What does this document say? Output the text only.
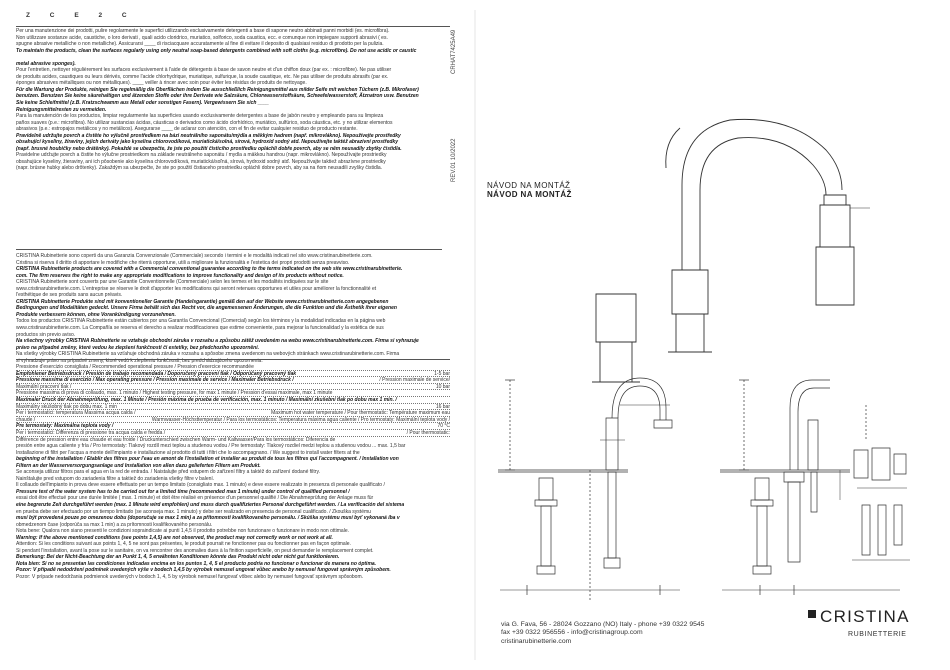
Z C E 2 C

Per una manutenzione dei prodotti, pulire regolarmente le superfici utilizzando esclusivamente detergenti a base di sapone neutro abbinati panni morbidi (es. microfibra).

Non utilizzare sostanze acide, caustiche, o loro derivati , quali acido cloridrico, muriatico, solforico, soda caustica, ecc. e comunque non impiegare supporti abrasivi ( es.

spugne abrasive metalliche o non metalliche). Assicurarsi ____ di risciacquare accuratamente al fine di evitare il deposito di qualsiasi residuo di prodotto per la pulizia.

To maintain the products, clean the surfaces regularly using only neutral soap-based detergents combined with soft cloths (e.g. microfibre). Do not use acidic or caustic

metal abrasive sponges).

Pour l'entretien, nettoyer régulièrement les surfaces exclusivement à l'aide de détergents à base de savon neutre et d'un chiffon doux (par ex. : microfibre). Ne pas utiliser

de produits acides, caustiques ou leurs dérivés, comme l'acide chlorhydrique, muriatique, sulfurique, la soude caustique, etc. Ne pas utiliser de produits abrasifs (par ex.

éponges abrasives métalliques ou non métalliques). ____ veiller à rincer avec soin pour éviter les résidus de produits de nettoyage.

Für die Wartung der Produkte, reinigen Sie regelmäßig die Oberflächen indem Sie ausschließlich Reinigungsmittel aus milder Seife mit weichen Tüchern (z.B. Mikrofaser)

benutzen. Benutzen Sie keine säurehaltigen und ätzenden Stoffe oder ihre Derivate wie Salzsäure, Chlorwasserstoffsäure, Schwefelwasserstoff, Ätznatron usw. Benutzen

Sie keine Schleifmittel (z.B. Kratzschwamm aus Metall oder sonstigen Fasern). Vergewissern Sie sich ____

Reinigungsmittelresten zu vermeiden.

Para la manutención de los productos, limpiar regularmente las superficies usando exclusivamente detergentes a base de jabón neutro y empleando para su limpieza

paños suaves (p.e.: microfibra). No utilizar sustancias ácidas, cáusticas o derivados como ácido clorhídrico, muriático, sulfúrico, soda cáustica, etc. y no utilizar elementos

abrasivos (p.e.: estropajos metálicos y no metálicos). Asegurarse ____ de aclarar con atención, con el fin de evitar cualquier residuo de producto restante.

Pravidelně udržujte povrch a čistěte ho výlučně prostředkem na bázi neutrálního saponátu/mýdla a měkkým hadrem (např. mikrovlákno). Nepoužívejte prostředky

obsahující kyseliny, žíraviny, jejich deriváty jako kyselina chlorovodíková, muriatická/solná, sírová, hydroxid sodný atd. Nepoužívejte taktéž abrazivní prostředky

(např. brusné houbičky nebo drátěnky). Pokaždé se ubezpečte, že jste po použití čisticího prostředku opláchli dobře povrch, aby se něm neusadily zbytky čistidla.

Pravidelne udržujte povrch a čistite ho výlučne prostriedkom na základe neutrálneho saponátu / mydla a mäkkou handrou (napr. mikrovlákno). Nepoužívajte prostriedky

obsahujúce kyseliny, žieraviny, ani ich pôsobenie ako kyselina chlorovodíková, muriatická/soľná, sírová, hydroxid sodný atď. Nepoužívajte taktiež abrazívne prostriedky

(napr. brúsne hubky alebo drôtenky). Zakaždým sa ubezpečte, že ste po použití čistiaceho prostriedku opláchli dobre povrch, aby sa na ňom neusadili zvyšky čistidla.

CRISTINA Rubinetterie sono coperti da una Garanzia Convenzionale (Commerciale) secondo i termini e le modalità indicati nel sito www.cristinarubinetterie.com.

Cristina si riserva il diritto di apportare le modifiche che riterrà opportune, utili a migliorare la funzionalità e l'estetica dei propri prodotti senza preavviso.

CRISTINA Rubinetterie products are covered with a Commercial conventional guarantee according to the terms indicated on the web site www.cristinarubinetterie.

com. The firm reserves the right to make any appropriate modifications to improve functionality and design of its products without notice.

CRISTINA Rubinetterie sont couverts par une Garantie Conventionnelle (Commerciale) selon les termes et les modalités indiquées sur le site

www.cristinarubinetterie.com. L'entreprise se réserve le droit d'apporter les modifications qui seront retenues opportunes et utiles pour améliorer la fonctionnalité et

l'esthétique de ses produits sans aucun préavis.

CRISTINA Rubinetterie Produkte sind mit konventioneller Garantie (Handelsgarantie) gemäß den auf der Website www.cristinarubinetterie.com angegebenen

Bedingungen und Modalitäten gedeckt. Unsere Firma behält sich das Recht vor, die angemessenen Änderungen, die die Funktion und die Ästhetik ihrer eigenen

Produkte verbessern können, ohne Vorankündigung vorzunehmen.

Todos los productos CRISTINA Rubinetterie están cubiertos por una Garantía Convencional (Comercial) según los términos y la modalidad indicadas en la página web

www.cristinarubinetterie.com. La Compañía se reserva el derecho a realizar modificaciones que estime conveniente, para mejorar la funcionalidad y la estética de sus

productos sin previo aviso.

Na všechny výrobky CRISTINA Rubinetterie se vztahuje obchodní záruka v rozsahu a způsobu zátěž uvedeném na webu www.cristinarubinetterie.com. Firma si vyhrazuje

právo na případné změny, které vedou ke zlepšení funkčnosti či estetiky, bez předchozího upozornění.

Na všetky výrobky CRISTINA Rubinetterie sa vzťahuje obchodná záruka v rozsahu a spôsobe zmena uvedenom na webových stránkach www.cristinarubinetterie.com. Firma

si vyhradzuje právo na prípadné zmeny, ktoré vedú k zlepšeniu funkčnosti, bez predchádzajúceho upozornenia.

Pressione d'esercizio consigliata / Recommended operational pressure / Pression d'exercice recommandée
1-5 bar
Empfohlener Betriebsdruck / Presión de trabajo recomendada / Doporučený pracovní tlak / Odporúčaný pracovný tlak
/ Pression maximale de service/
Pressione massima di esercizio / Max operating pressure / Pression maximale de service / Maximaler Betriebsdruck /
10 bar
Maximální pracovní tlak /
Pressione massima di prova di collaudo, max. 1 minuto / Highest testing pressure, for max 1 minute / Pression d'essai maximale, max 1 minute
Maximaler Druck der Abnahmeprüfung, max. 1 Minute / Presión máxima de prueba de verificación, max. 1 minuto / Maximální zkušební tlak po dobu max 1 min. /
16 bar
Maximálny skúšobný tlak po dobu max. 1 min
Maximum hot water temperature / Pour thermostatic: Température maximum eau
Per i termostatici: temperatura Massima acqua calda /
Warmwasser-Höchsttemperatur / Para los termostáticos: Temperatura máxima agua caliente / Pro termostaty: Maximální teplota vody /
chaude /
70 °C
Pre termostaty: Maximálna teplota vody /
/ Pour thermostatic:
Per i termostatici: Differenza di pressione tra acqua calda e fredda /

Différence de pression entre eau chaude et eau froide / Druckunterschied zwischen Warm- und Kaltwasser/Para los termostáticos: Diferencia de

presión entre agua caliente y fría / Pro termostaty: Tlakový rozdíl mezi teplou a studenou vodou / Pre termostaty: Tlakový rozdiel medzi teplou a studenou vodou ... max. 1,5 bar

Installazione di filtri per l'acqua a monte dell'impianto e installazione al prodotto di tutti i filtri che lo accompagnano. / We suggest to install water filters at the

beginning of the installation / Etablir des filtres pour l'eau en amont de l'installation et installer au produit de tous les filtres qui l'accompagnent. / Installation von

Filtern an der Wasserversorgungsanlage und Installation von allen dazu gelieferten Filtern am Produkt.

Se aconseja utilizar filtros para el agua en la red de entrada. / Naistalujte před vstupem do zařízení filtry a taktéž do zařízení dodané filtry.

Nainštalujte pred vstupom do zariadenia filtre a taktiež do zariadenia všetky filtre v balení.

Il collaudo dell'impianto in prova deve essere effettuato per un tempo limitato (consigliato max. 1 minuto) e deve essere realizzato in presenza di personale qualificato /

Pressure test of the water system has to be carried out for a limited time (recommended max 1 minute) under control of qualified personnel /

essai doit être effectué pour une durée limitée ( max. 1 minute) et doit être réalisé en présence d'un personnel qualifié / Die Abnahmeprüfung der Anlage muss für

eine begrenzte Zeit durchgeführt werden (max. 1 Minute wird empfohlen) und muss durch qualifiziertes Personal durchgeführt werden. / La verificación del sistema

en prueba debe ser efectuado por un tiempo limitado (se aconseja max. 1 minuto) y debe ser realizado en presencia de personal cualificado. / Zkouška systému

musí být provedená pouze po omezenou dobu (doporučuje se max 1 min) a za přítomnosti kvalifikovaného personálu. / Skúška systému musí byť vykonaná iba v

obmedzenom čase (odporúča sa max 1 min) a za prítomnosti kvalifikovaného personálu.

Nota bene: Qualora non siano presenti le condizioni sopraindicate ai punti 1,4,5 il prodotto potrebbe non funzionare o funzionare in modo non ottimale.

Warning: If the above mentioned conditions (see points 1,4,5) are not observed, the product may not correctly work or not work at all.

Attention: Si les conditions suivant aux points 1, 4, 5 ne sont pas présentes, le produit pourrait ne fonctionner pas ou fonctionner pas en façon optimale.

Si pendant l'installation, avant la pose sur le sanitaire, on va rencontrer des anomalies dues à la finition superficielle, on peut demander le remplacement complet.

Bemerkung: Bei der Nicht-Beachtung der an Punkt 1, 4, 5 erwähnten Konditionen könnte das Produkt nicht oder nicht gut funktionieren.

Nota bien: Si no se presentan las condiciones indicadas encima en los puntos 1, 4, 5 el producto podría no funcionar o funcionar de manera no óptima.

Pozor: V případě nedodržení podmínek uvedených výše v bodech 1,4,5 by výrobek nemusel ungovat vůbec anebo by nemusel fungovat správným způsobem.

Pozor: V prípade nedodržania podmienok uvedených v bodoch 1, 4, 5 by výrobok nemusel fungovať vôbec alebo by nemusel fungovať správnym spôsobom.

REV.01 10/2022
CRHAT7425A49
NÁVOD NA MONTÁŽ
NÁVOD NA MONTÁŽ
CRISTINA
RUBINETTERIE
via G. Fava, 56 - 28024 Gozzano (NO) Italy - phone +39 0322 9545
fax +39 0322 956556 - info@cristinagroup.com
cristinarubinetterie.com
